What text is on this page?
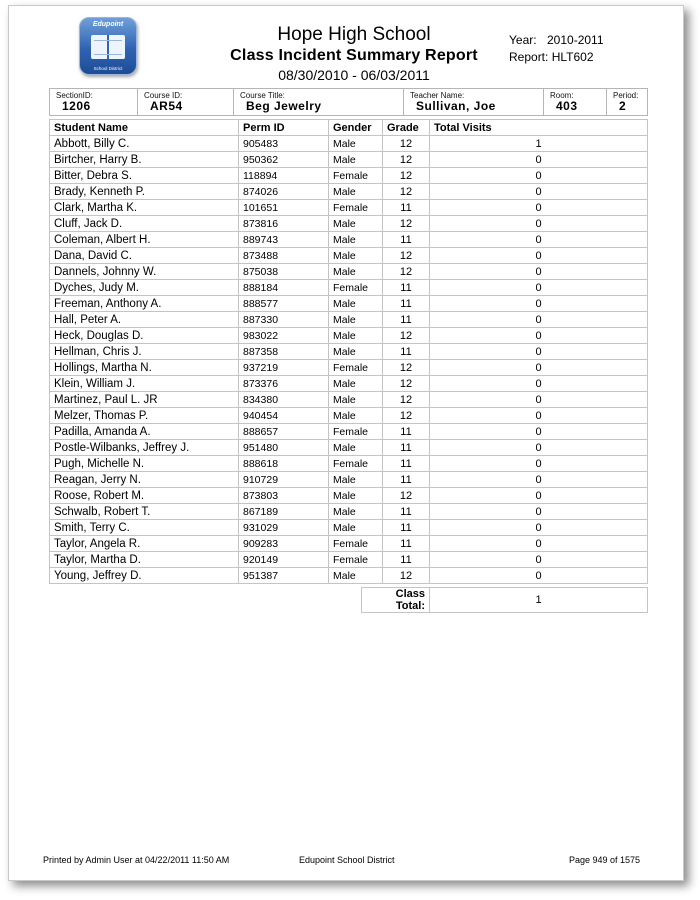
Edupoint
School District
Hope High School
Class Incident Summary Report
08/30/2010 - 06/03/2011
Year: 2010-2011
Report: HLT602
SectionID:
1206
Course ID:
AR54
Course Title:
Beg Jewelry
Teacher Name:
Sullivan, Joe
Room:
403
Period:
2
Student Name	Perm ID	Gender	Grade	Total Visits
Abbott, Billy C.	905483	Male	12	1
Birtcher, Harry B.	950362	Male	12	0
Bitter, Debra S.	118894	Female	12	0
Brady, Kenneth P.	874026	Male	12	0
Clark, Martha K.	101651	Female	11	0
Cluff, Jack D.	873816	Male	12	0
Coleman, Albert H.	889743	Male	11	0
Dana, David C.	873488	Male	12	0
Dannels, Johnny W.	875038	Male	12	0
Dyches, Judy M.	888184	Female	11	0
Freeman, Anthony A.	888577	Male	11	0
Hall, Peter A.	887330	Male	11	0
Heck, Douglas D.	983022	Male	12	0
Hellman, Chris J.	887358	Male	11	0
Hollings, Martha N.	937219	Female	12	0
Klein, William J.	873376	Male	12	0
Martinez, Paul L. JR	834380	Male	12	0
Melzer, Thomas P.	940454	Male	12	0
Padilla, Amanda A.	888657	Female	11	0
Postle-Wilbanks, Jeffrey J.	951480	Male	11	0
Pugh, Michelle N.	888618	Female	11	0
Reagan, Jerry N.	910729	Male	11	0
Roose, Robert M.	873803	Male	12	0
Schwalb, Robert T.	867189	Male	11	0
Smith, Terry C.	931029	Male	11	0
Taylor, Angela R.	909283	Female	11	0
Taylor, Martha D.	920149	Female	11	0
Young, Jeffrey D.	951387	Male	12	0
Class Total:	1
Printed by Admin User at 04/22/2011 11:50 AM	Edupoint School District	Page 949 of 1575
